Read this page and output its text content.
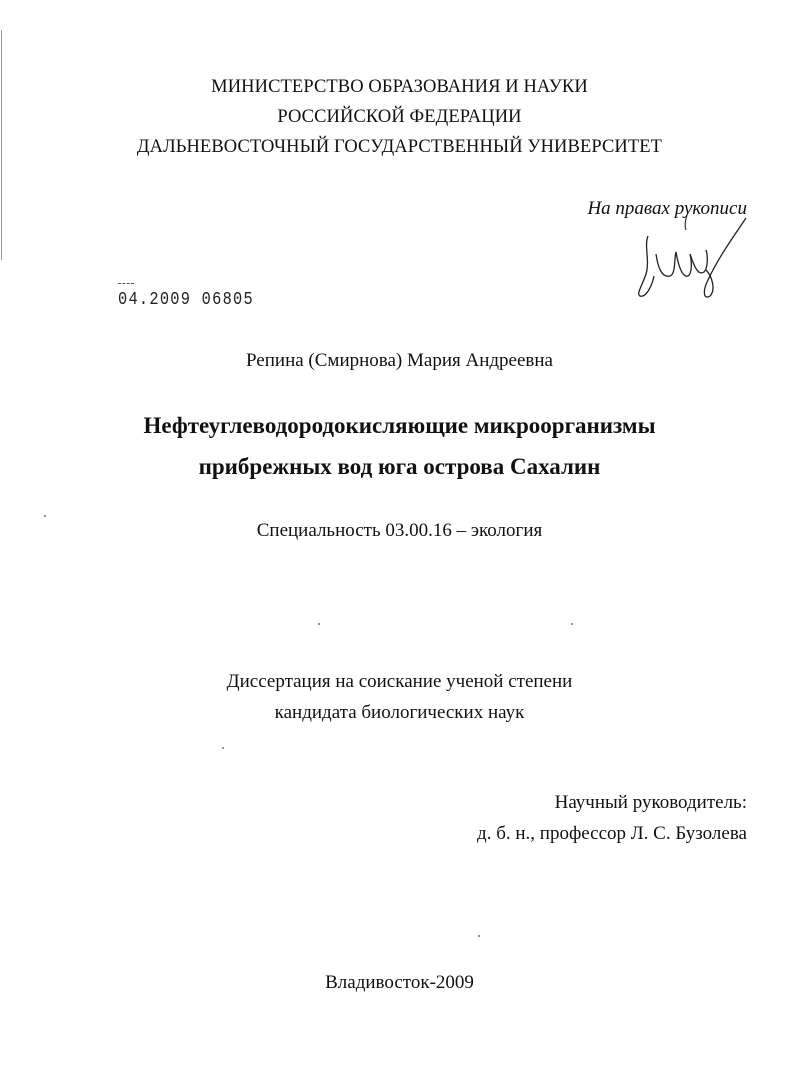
МИНИСТЕРСТВО ОБРАЗОВАНИЯ И НАУКИ
РОССИЙСКОЙ ФЕДЕРАЦИИ
ДАЛЬНЕВОСТОЧНЫЙ ГОСУДАРСТВЕННЫЙ УНИВЕРСИТЕТ
На правах рукописи
04.2009 06805
Репина (Смирнова) Мария Андреевна
Нефтеуглеводородокисляющие микроорганизмы
прибрежных вод юга острова Сахалин
Специальность 03.00.16 – экология
Диссертация на соискание ученой степени
кандидата биологических наук
Научный руководитель:
д. б. н., профессор Л. С. Бузолева
Владивосток-2009
